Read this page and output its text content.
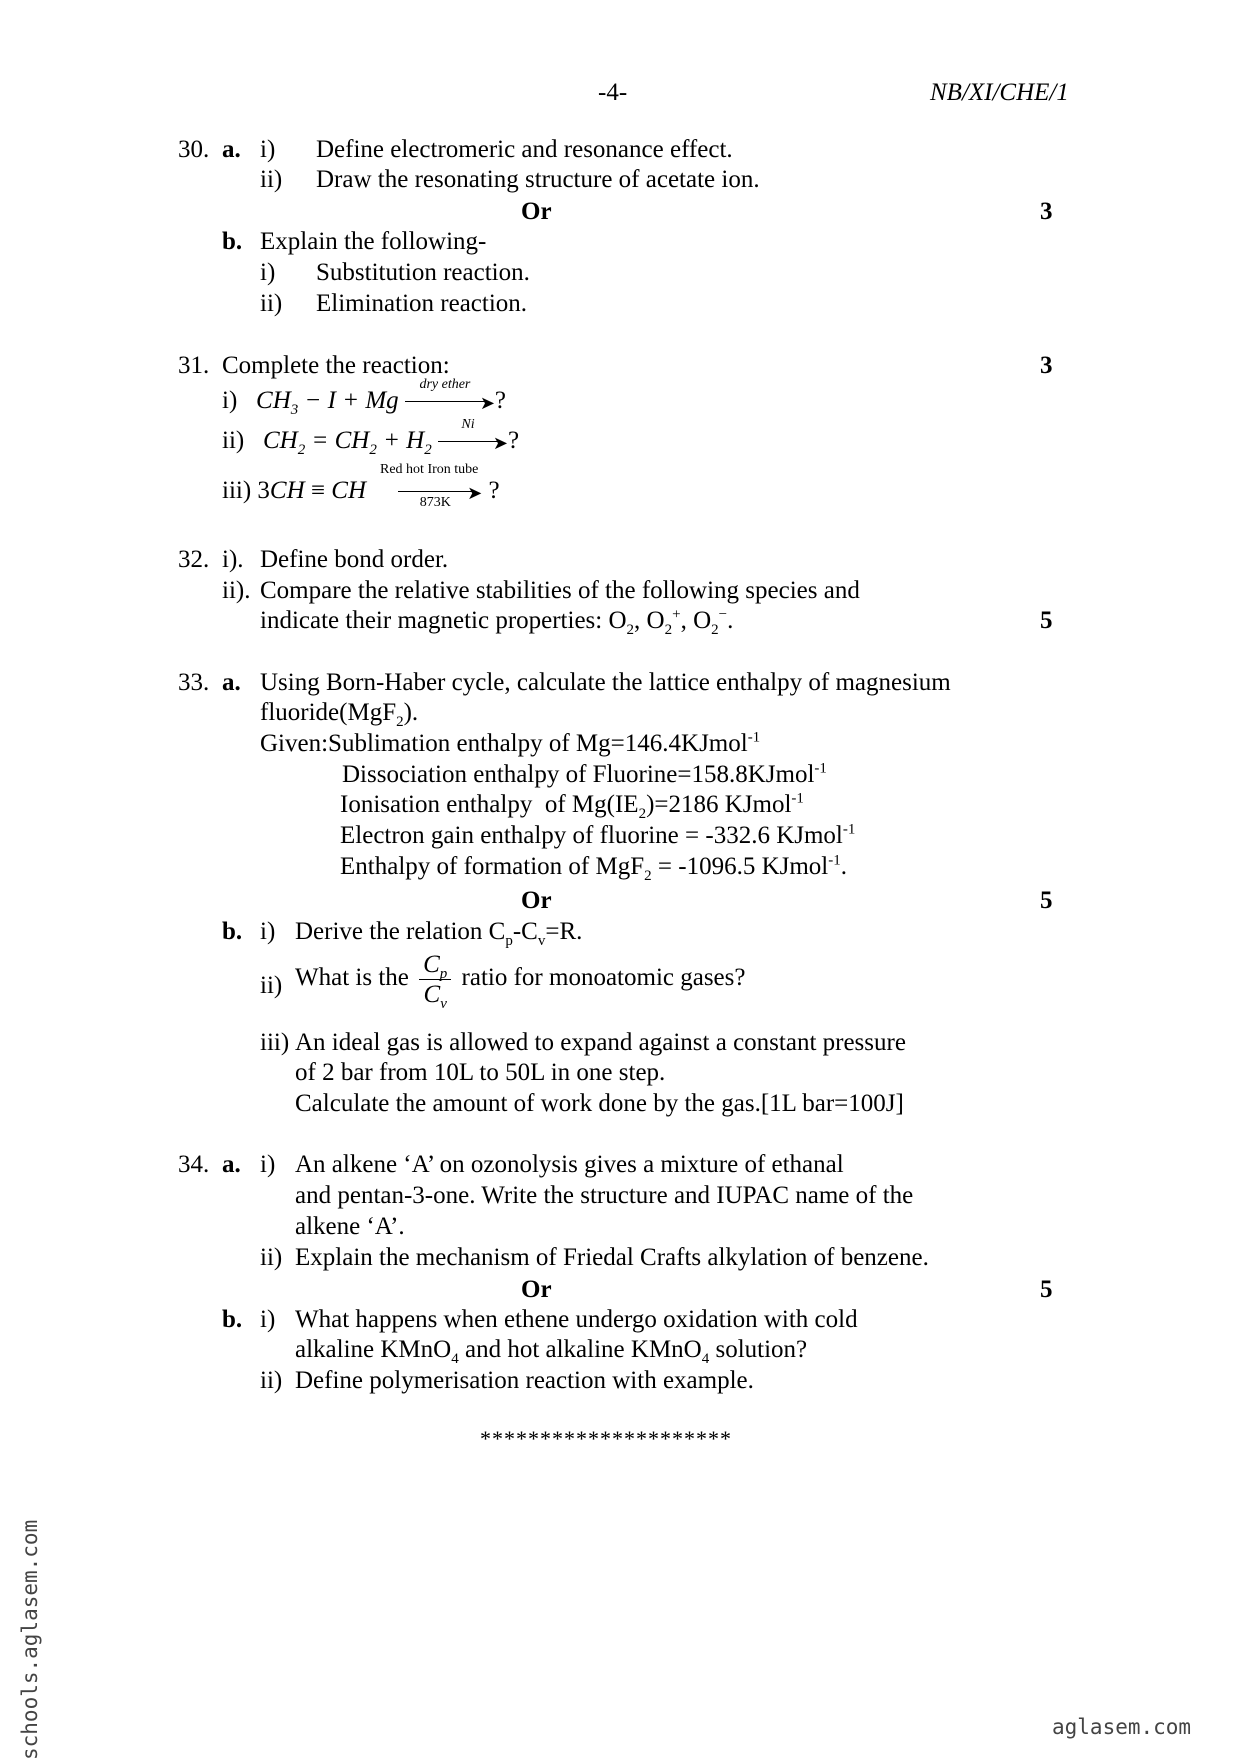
-4-	NB/XI/CHE/1
30. a. i) Define electromeric and resonance effect.
ii) Draw the resonating structure of acetate ion.
Or	3
b. Explain the following-
i) Substitution reaction.
ii) Elimination reaction.
31. Complete the reaction:	3
i) $CH_3 - I + Mg$
dry ether
➤ ?
ii) $CH_2 = CH_2 + H_2$
Ni
➤ ?
Red hot Iron tube
iii) 3CH ≡ CH	873K ➤ ?
32. i). Define bond order.
ii). Compare the relative stabilities of the following species and
indicate their magnetic properties: $O_2$, $O_2^+$, $O_2^-$.	5
33. a. Using Born-Haber cycle, calculate the lattice enthalpy of magnesium
fluoride(MgF$_2$).
Given:Sublimation enthalpy of Mg=146.4KJmol$^{-1}$
Dissociation enthalpy of Fluorine=158.8KJmol$^{-1}$
Ionisation enthalpy  of $Mg(IE_2)=2186$ KJmol$^{-1}$
Electron gain enthalpy of fluorine = -332.6 KJmol$^{-1}$
Enthalpy of formation of MgF$_2$ = -1096.5 KJmol$^{-1}$.
Or	5
b. i) Derive the relation $C_p-C_v=R$.
ii) What is the $\frac{C_p}{C_v}$ ratio for monoatomic gases?
iii) An ideal gas is allowed to expand against a constant pressure
of 2 bar from 10L to 50L in one step.
Calculate the amount of work done by the gas.[1L bar=100J]
34. a. i) An alkene ‘A’ on ozonolysis gives a mixture of ethanal
and pentan-3-one. Write the structure and IUPAC name of the
alkene ‘A’.
ii) Explain the mechanism of Friedal Crafts alkylation of benzene.
Or	5
b. i) What happens when ethene undergo oxidation with cold
alkaline KMnO$_4$ and hot alkaline KMnO$_4$ solution?
ii) Define polymerisation reaction with example.
*********************
aglasem.com
schools.aglasem.com
